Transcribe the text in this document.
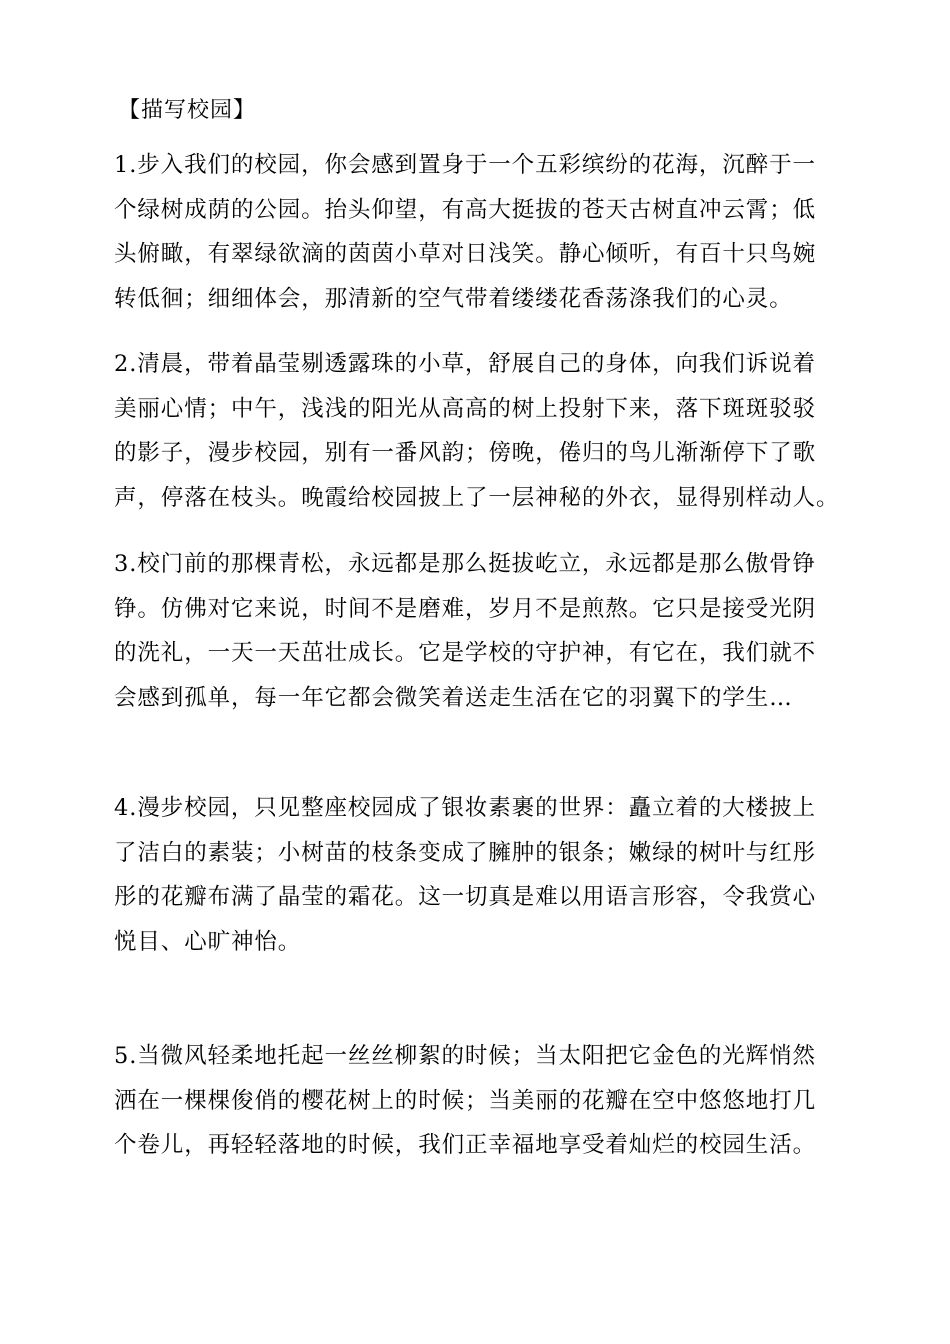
【描写校园】
1.步入我们的校园，你会感到置身于一个五彩缤纷的花海，沉醉于一
个绿树成荫的公园。抬头仰望，有高大挺拔的苍天古树直冲云霄；低
头俯瞰，有翠绿欲滴的茵茵小草对日浅笑。静心倾听，有百十只鸟婉
转低徊；细细体会，那清新的空气带着缕缕花香荡涤我们的心灵。
2.清晨，带着晶莹剔透露珠的小草，舒展自己的身体，向我们诉说着
美丽心情；中午，浅浅的阳光从高高的树上投射下来，落下斑斑驳驳
的影子，漫步校园，别有一番风韵；傍晚，倦归的鸟儿渐渐停下了歌
声，停落在枝头。晚霞给校园披上了一层神秘的外衣，显得别样动人。
3.校门前的那棵青松，永远都是那么挺拔屹立，永远都是那么傲骨铮
铮。仿佛对它来说，时间不是磨难，岁月不是煎熬。它只是接受光阴
的洗礼，一天一天茁壮成长。它是学校的守护神，有它在，我们就不
会感到孤单，每一年它都会微笑着送走生活在它的羽翼下的学生…
4.漫步校园，只见整座校园成了银妆素裹的世界：矗立着的大楼披上
了洁白的素装；小树苗的枝条变成了臃肿的银条；嫩绿的树叶与红彤
彤的花瓣布满了晶莹的霜花。这一切真是难以用语言形容，令我赏心
悦目、心旷神怡。
5.当微风轻柔地托起一丝丝柳絮的时候；当太阳把它金色的光辉悄然
洒在一棵棵俊俏的樱花树上的时候；当美丽的花瓣在空中悠悠地打几
个卷儿，再轻轻落地的时候，我们正幸福地享受着灿烂的校园生活。
